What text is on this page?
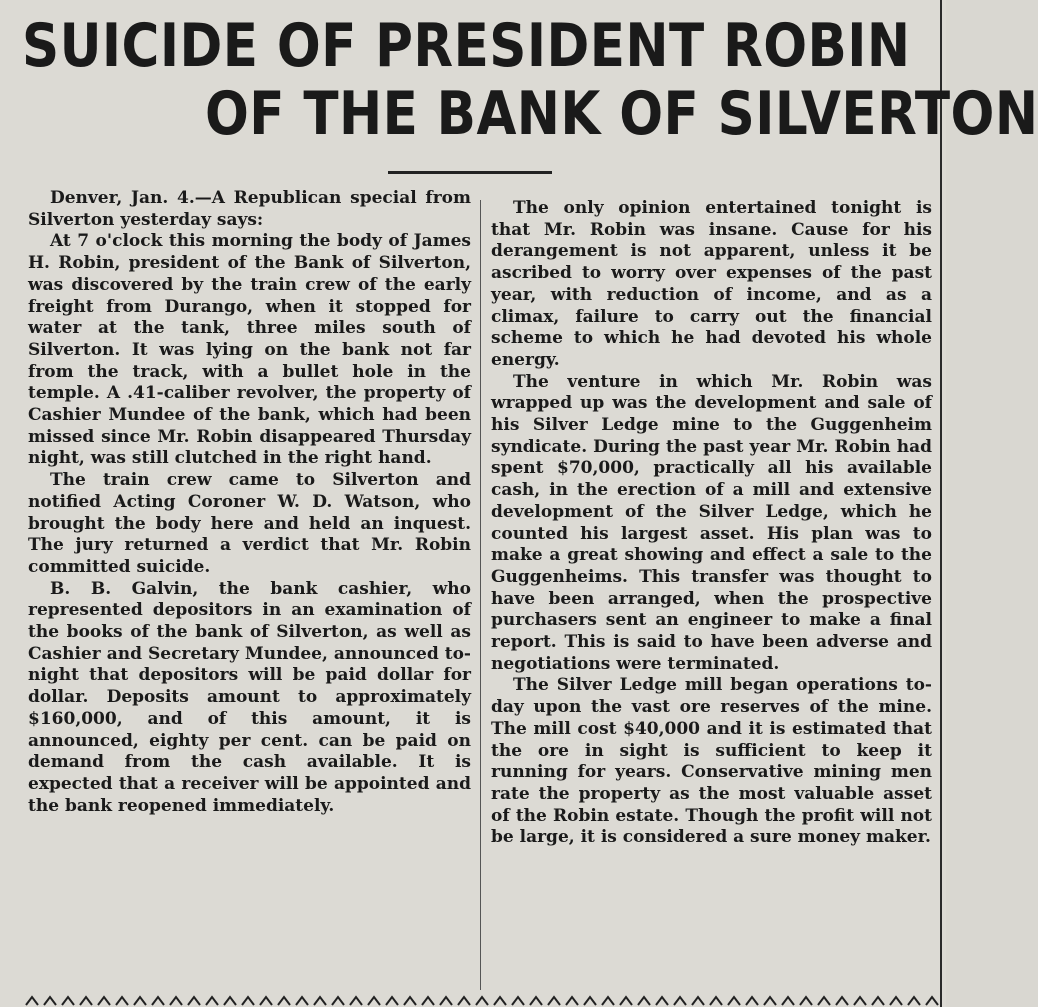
SUICIDE OF PRESIDENT ROBIN
OF THE BANK OF SILVERTON

Denver, Jan. 4.—A Republican special from Silverton yesterday says:

At 7 o'clock this morning the body of James H. Robin, president of the Bank of Silverton, was discovered by the train crew of the early freight from Durango, when it stopped for water at the tank, three miles south of Silverton. It was lying on the bank not far from the track, with a bullet hole in the temple. A .41-caliber revolver, the property of Cashier Mundee of the bank, which had been missed since Mr. Robin disappeared Thursday night, was still clutched in the right hand.

The train crew came to Silverton and notified Acting Coroner W. D. Watson, who brought the body here and held an inquest. The jury returned a verdict that Mr. Robin committed suicide.

B. B. Galvin, the bank cashier, who represented depositors in an examination of the books of the bank of Silverton, as well as Cashier and Secretary Mundee, announced to-night that depositors will be paid dollar for dollar. Deposits amount to approximately $160,000, and of this amount, it is announced, eighty per cent. can be paid on demand from the cash available. It is expected that a receiver will be appointed and the bank reopened immediately.

The only opinion entertained tonight is that Mr. Robin was insane. Cause for his derangement is not apparent, unless it be ascribed to worry over expenses of the past year, with reduction of income, and as a climax, failure to carry out the financial scheme to which he had devoted his whole energy.

The venture in which Mr. Robin was wrapped up was the development and sale of his Silver Ledge mine to the Guggenheim syndicate. During the past year Mr. Robin had spent $70,000, practically all his available cash, in the erection of a mill and extensive development of the Silver Ledge, which he counted his largest asset. His plan was to make a great showing and effect a sale to the Guggenheims. This transfer was thought to have been arranged, when the prospective purchasers sent an engineer to make a final report. This is said to have been adverse and negotiations were terminated.

The Silver Ledge mill began operations to-day upon the vast ore reserves of the mine. The mill cost $40,000 and it is estimated that the ore in sight is sufficient to keep it running for years. Conservative mining men rate the property as the most valuable asset of the Robin estate. Though the profit will not be large, it is considered a sure money maker.
